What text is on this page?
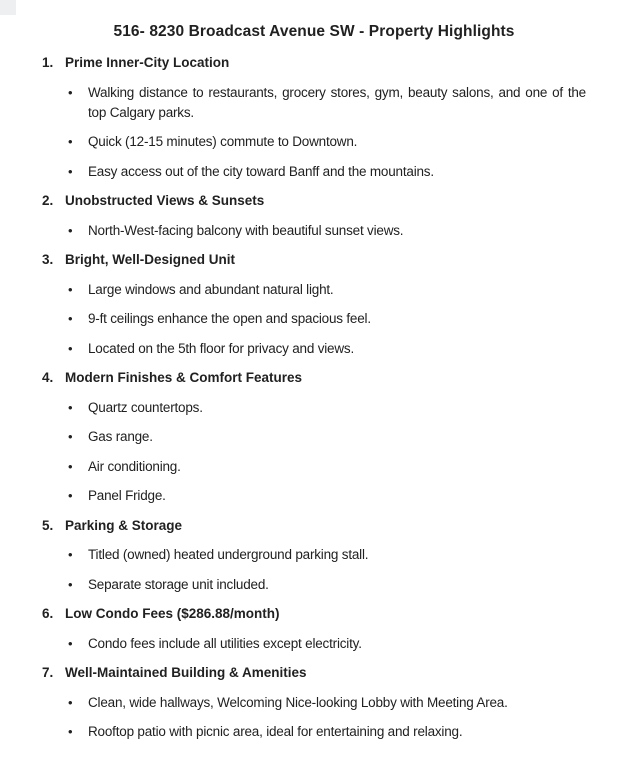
516- 8230 Broadcast Avenue SW - Property Highlights
1. Prime Inner-City Location
•	Walking distance to restaurants, grocery stores, gym, beauty salons, and one of the top Calgary parks.

•	Quick (12-15 minutes) commute to Downtown.

•	Easy access out of the city toward Banff and the mountains.

2. Unobstructed Views & Sunsets
•	North-West-facing balcony with beautiful sunset views.

3. Bright, Well-Designed Unit
•	Large windows and abundant natural light.

•	9-ft ceilings enhance the open and spacious feel.

•	Located on the 5th floor for privacy and views.

4. Modern Finishes & Comfort Features
•	Quartz countertops.

•	Gas range.

•	Air conditioning.

•	Panel Fridge.

5. Parking & Storage
•	Titled (owned) heated underground parking stall.

•	Separate storage unit included.

6. Low Condo Fees ($286.88/month)
•	Condo fees include all utilities except electricity.

7. Well-Maintained Building & Amenities
•	Clean, wide hallways, Welcoming Nice-looking Lobby with Meeting Area.

•	Rooftop patio with picnic area, ideal for entertaining and relaxing.
